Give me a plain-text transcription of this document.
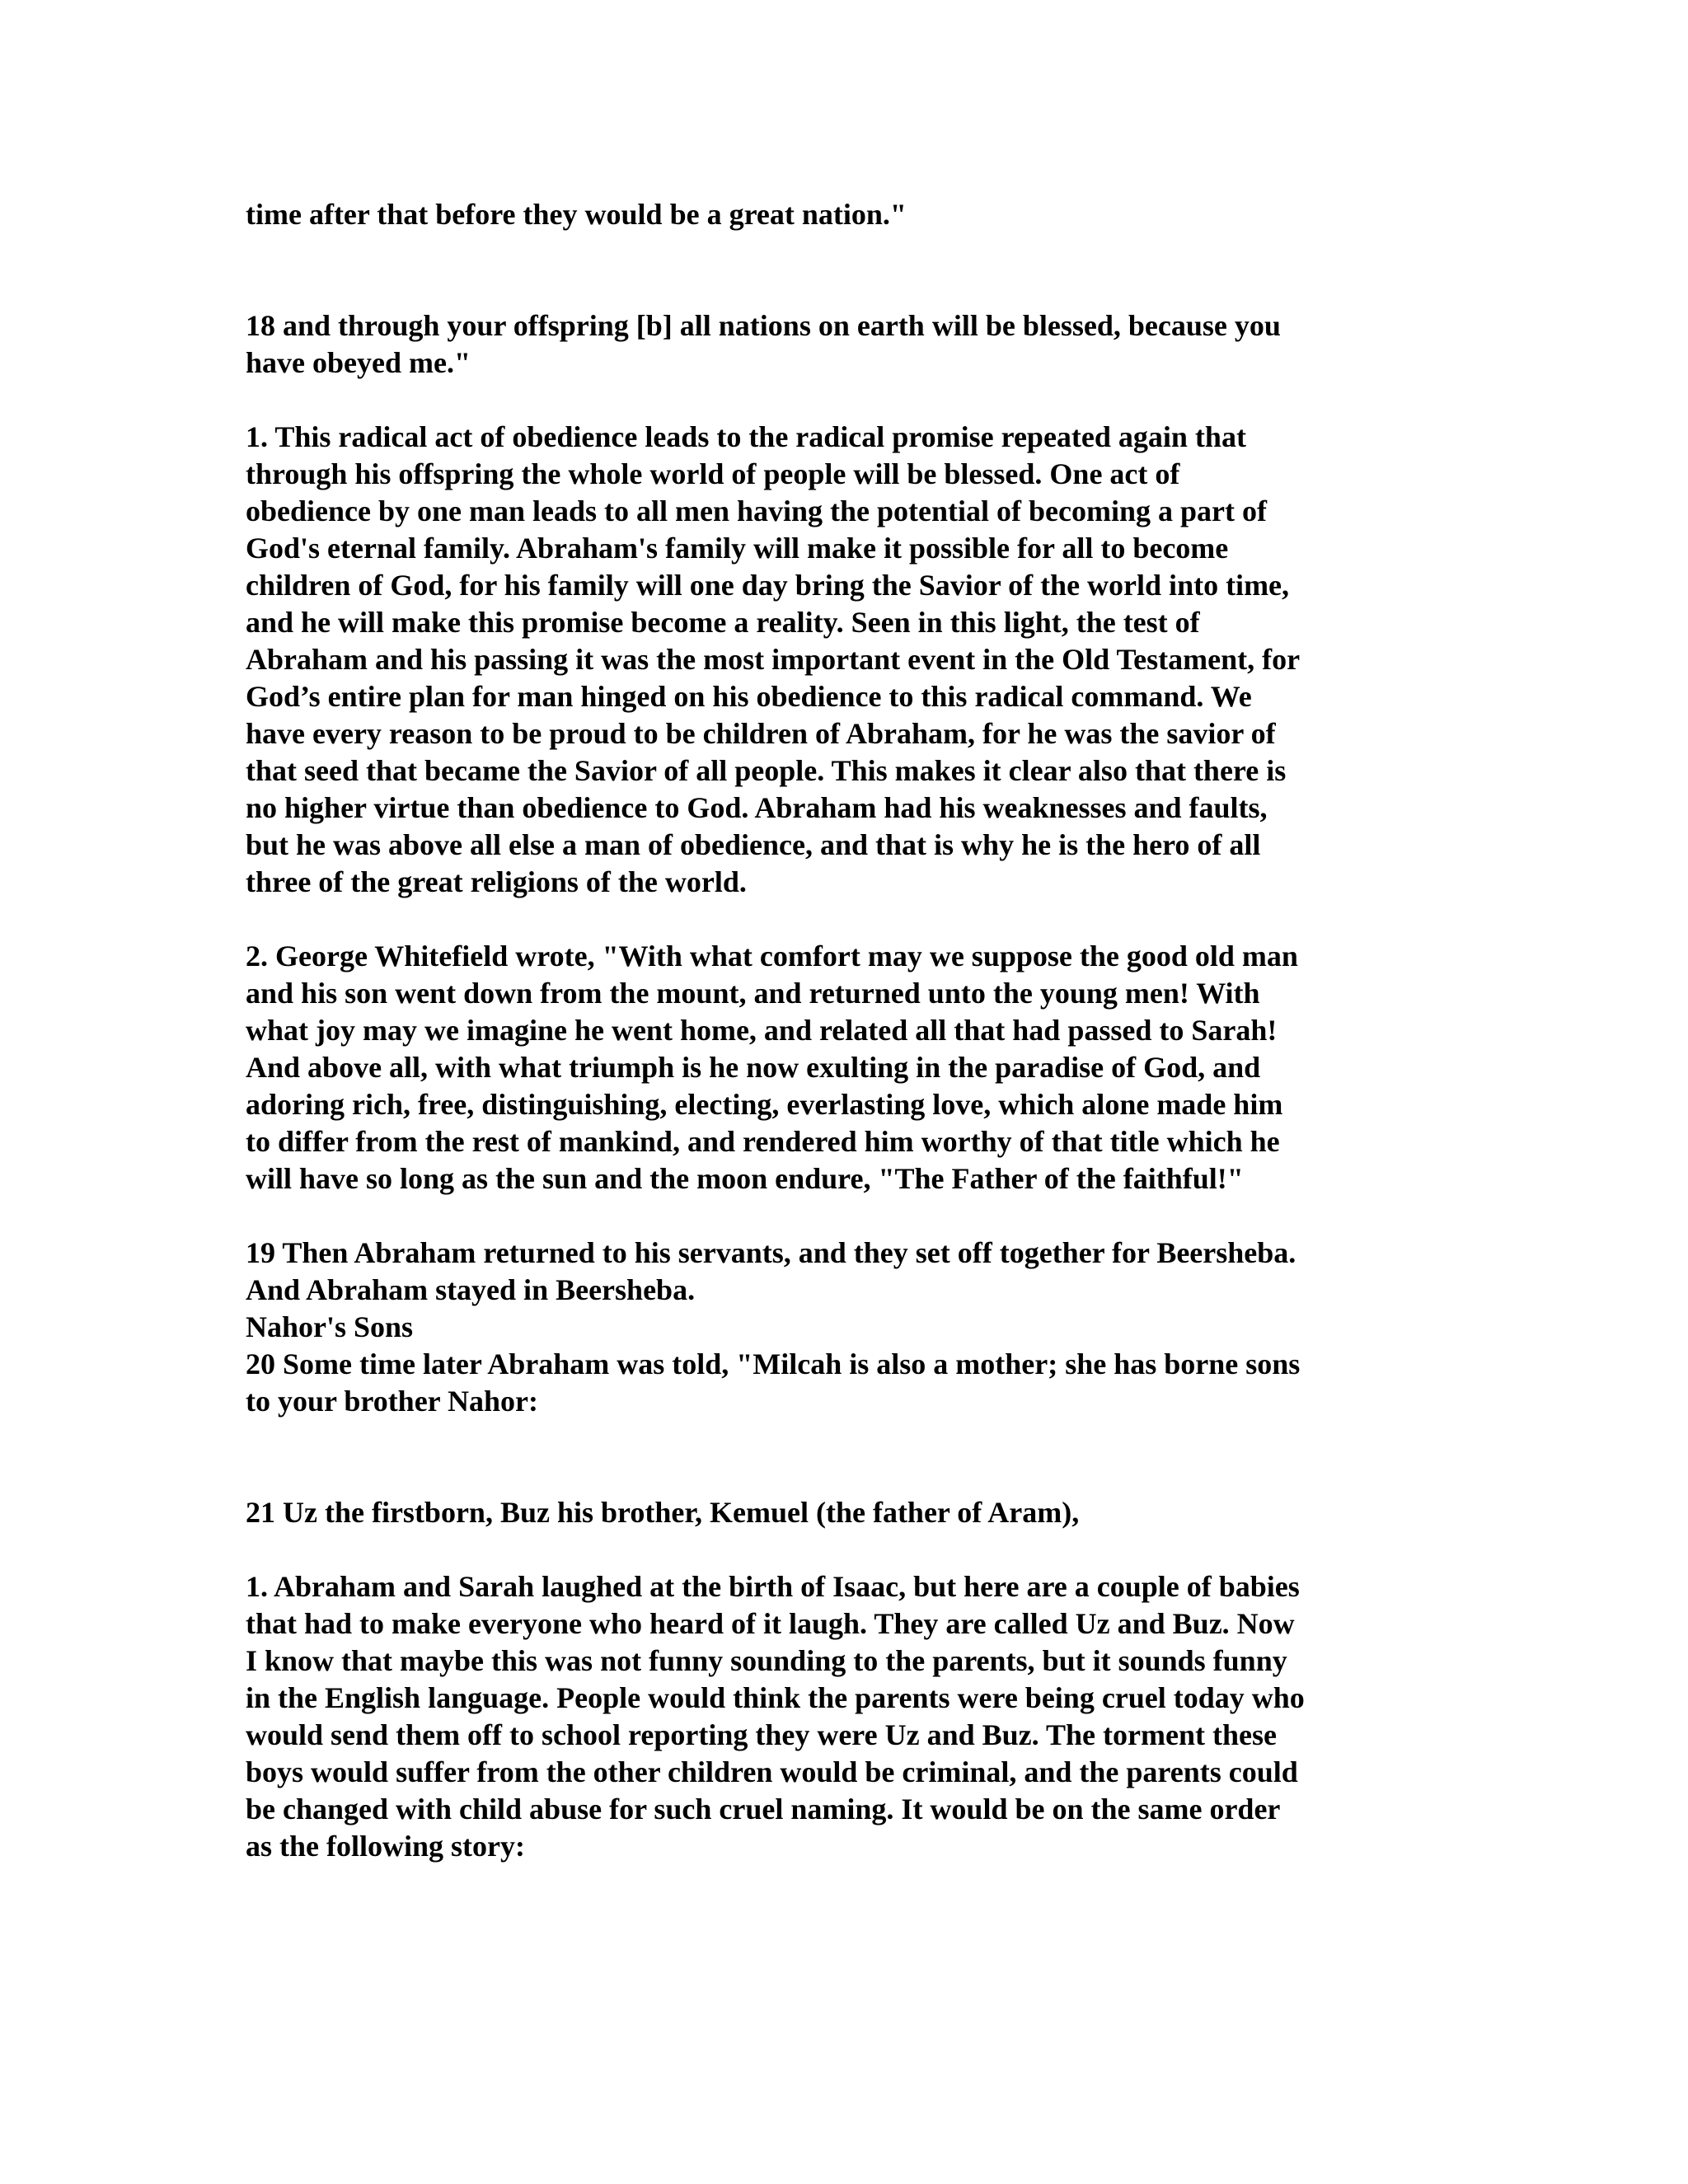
time after that before they would be a great nation."

18 and through your offspring [b] all nations on earth will be blessed, because you
have obeyed me."

1. This radical act of obedience leads to the radical promise repeated again that
through his offspring the whole world of people will be blessed. One act of
obedience by one man leads to all men having the potential of becoming a part of
God's eternal family. Abraham's family will make it possible for all to become
children of God, for his family will one day bring the Savior of the world into time,
and he will make this promise become a reality. Seen in this light, the test of
Abraham and his passing it was the most important event in the Old Testament, for
God’s entire plan for man hinged on his obedience to this radical command. We
have every reason to be proud to be children of Abraham, for he was the savior of
that seed that became the Savior of all people. This makes it clear also that there is
no higher virtue than obedience to God. Abraham had his weaknesses and faults,
but he was above all else a man of obedience, and that is why he is the hero of all
three of the great religions of the world.

2. George Whitefield wrote, "With what comfort may we suppose the good old man
and his son went down from the mount, and returned unto the young men! With
what joy may we imagine he went home, and related all that had passed to Sarah!
And above all, with what triumph is he now exulting in the paradise of God, and
adoring rich, free, distinguishing, electing, everlasting love, which alone made him
to differ from the rest of mankind, and rendered him worthy of that title which he
will have so long as the sun and the moon endure, "The Father of the faithful!"

19 Then Abraham returned to his servants, and they set off together for Beersheba.
And Abraham stayed in Beersheba.

Nahor's Sons

20 Some time later Abraham was told, "Milcah is also a mother; she has borne sons
to your brother Nahor:

21 Uz the firstborn, Buz his brother, Kemuel (the father of Aram),

1. Abraham and Sarah laughed at the birth of Isaac, but here are a couple of babies
that had to make everyone who heard of it laugh. They are called Uz and Buz. Now
I know that maybe this was not funny sounding to the parents, but it sounds funny
in the English language. People would think the parents were being cruel today who
would send them off to school reporting they were Uz and Buz. The torment these
boys would suffer from the other children would be criminal, and the parents could
be changed with child abuse for such cruel naming. It would be on the same order
as the following story:
